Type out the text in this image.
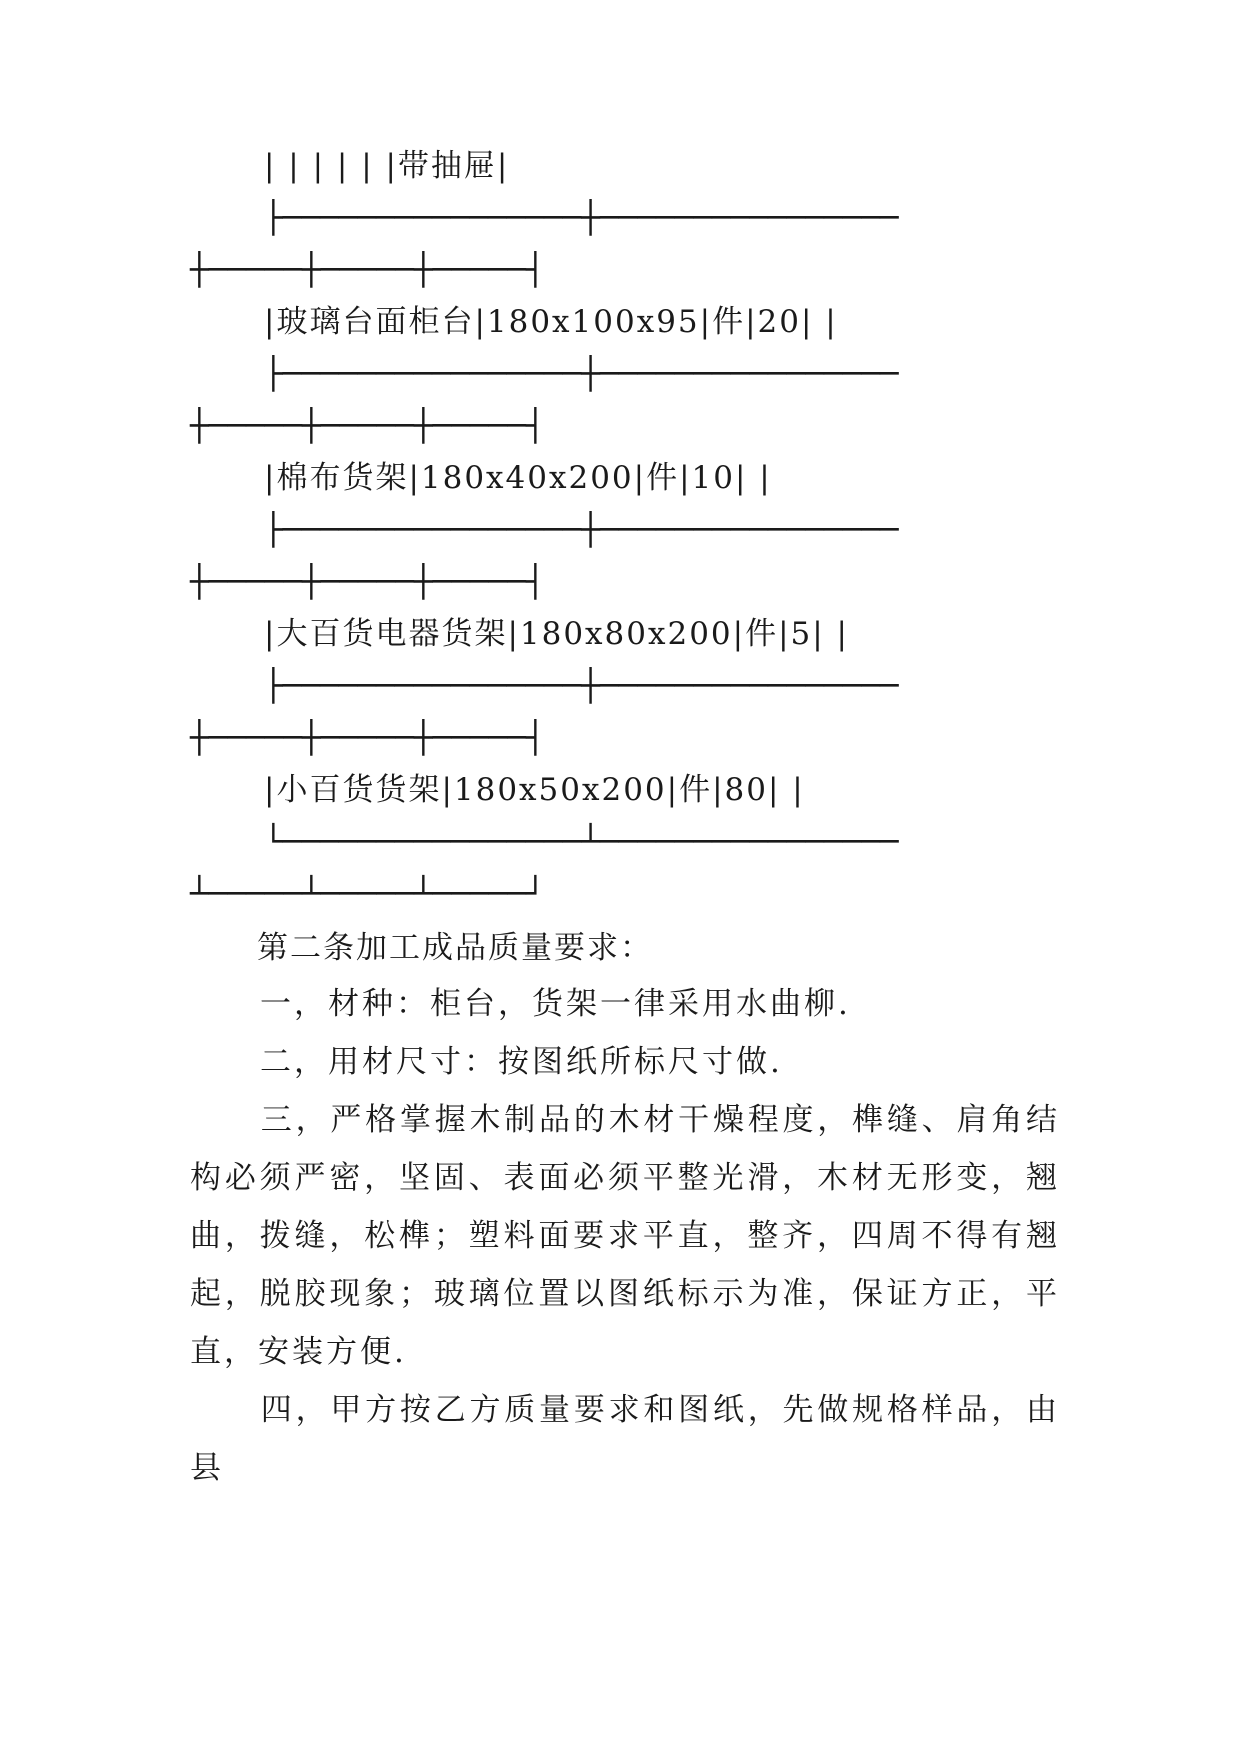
| | | | | |带抽屉|
├────────────────┼────────────────
┼─────┼─────┼─────┤
|玻璃台面柜台|180x100x95|件|20| |
├────────────────┼────────────────
┼─────┼─────┼─────┤
|棉布货架|180x40x200|件|10| |
├────────────────┼────────────────
┼─────┼─────┼─────┤
|大百货电器货架|180x80x200|件|5| |
├────────────────┼────────────────
┼─────┼─────┼─────┤
|小百货货架|180x50x200|件|80| |
└────────────────┴────────────────
┴─────┴─────┴─────┘
第二条加工成品质量要求：
一，材种：柜台，货架一律采用水曲柳.
二，用材尺寸：按图纸所标尺寸做.
三，严格掌握木制品的木材干燥程度，榫缝、肩角结构必须严密，坚固、表面必须平整光滑，木材无形变，翘曲，拨缝，松榫；塑料面要求平直，整齐，四周不得有翘起，脱胶现象；玻璃位置以图纸标示为准，保证方正，平直，安装方便.
四，甲方按乙方质量要求和图纸，先做规格样品，由县
